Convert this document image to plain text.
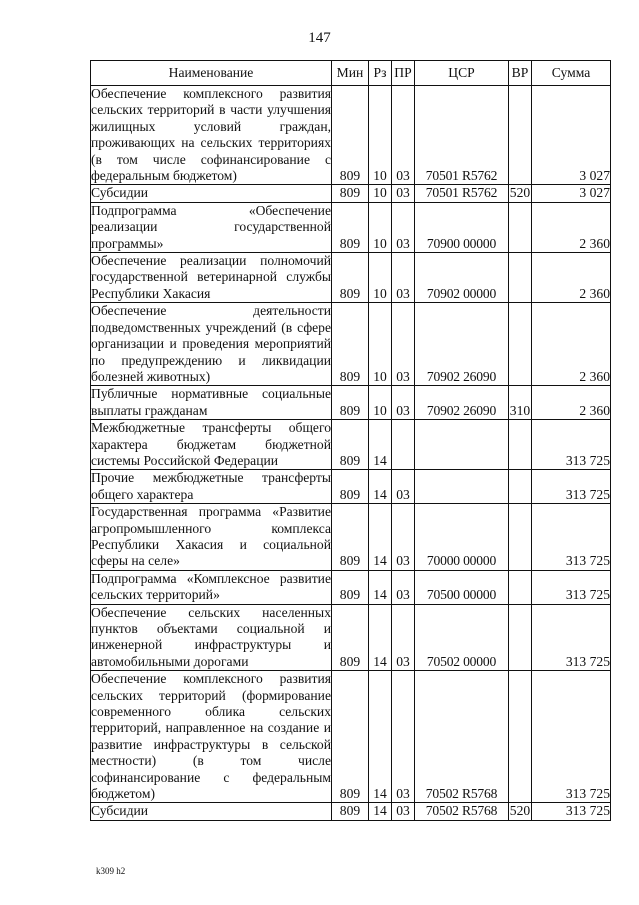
147
Наименование	Мин	Рз	ПР	ЦСР	ВР	Сумма
Обеспечение комплексного развития сельских территорий в части улучшения жилищных условий граждан, проживающих на сельских территориях (в том числе софинансирование с федеральным бюджетом)	809	10	03	70501 R5762		3 027
Субсидии	809	10	03	70501 R5762	520	3 027
Подпрограмма «Обеспечение реализации государственной программы»	809	10	03	70900 00000		2 360
Обеспечение реализации полномочий государственной ветеринарной службы Республики Хакасия	809	10	03	70902 00000		2 360
Обеспечение деятельности подведомственных учреждений (в сфере организации и проведения мероприятий по предупреждению и ликвидации болезней животных)	809	10	03	70902 26090		2 360
Публичные нормативные социальные выплаты гражданам	809	10	03	70902 26090	310	2 360
Межбюджетные трансферты общего характера бюджетам бюджетной системы Российской Федерации	809	14				313 725
Прочие межбюджетные трансферты общего характера	809	14	03			313 725
Государственная программа «Развитие агропромышленного комплекса Республики Хакасия и социальной сферы на селе»	809	14	03	70000 00000		313 725
Подпрограмма «Комплексное развитие сельских территорий»	809	14	03	70500 00000		313 725
Обеспечение сельских населенных пунктов объектами социальной и инженерной инфраструктуры и автомобильными дорогами	809	14	03	70502 00000		313 725
Обеспечение комплексного развития сельских территорий (формирование современного облика сельских территорий, направленное на создание и развитие инфраструктуры в сельской местности) (в том числе софинансирование с федеральным бюджетом)	809	14	03	70502 R5768		313 725
Субсидии	809	14	03	70502 R5768	520	313 725
k309 h2
